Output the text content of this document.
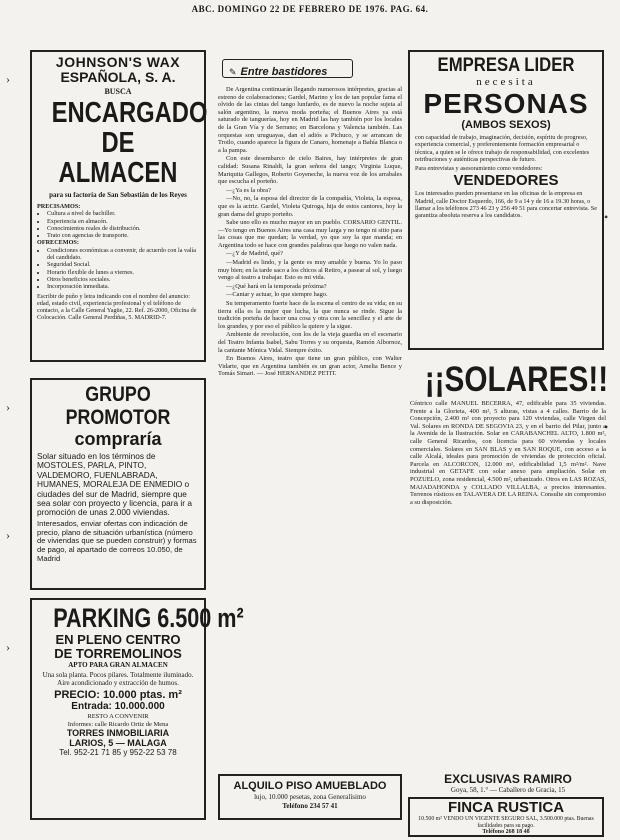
ABC. DOMINGO 22 DE FEBRERO DE 1976. PAG. 64.
›
›
›
›
JOHNSON'S WAX
ESPAÑOLA, S. A.
BUSCA
ENCARGADO
DE ALMACEN
para su factoría de San Sebastián de los Reyes
PRECISAMOS:
• Cultura a nivel de bachiller.
• Experiencia en almacén.
• Conocimientos reales de distribución.
• Trato con agencias de transporte.
OFRECEMOS:
• Condiciones económicas a convenir, de acuerdo con la valía del candidato.
• Seguridad Social.
• Horario flexible de lunes a viernes.
• Otros beneficios sociales.
• Incorporación inmediata.

Escribir de puño y letra indicando con el nombre del anuncio: edad, estado civil, experiencia profesional y el teléfono de contacto, a la Calle General Yagüe, 22. Ref. 26-2000, Oficina de Colocación. Calle General Perdiñas, 5. MADRID-7.

GRUPO PROMOTOR
compraría

Solar situado en los términos de MOSTOLES, PARLA, PINTO, VALDEMORO, FUENLABRADA, HUMANES, MORALEJA DE ENMEDIO o ciudades del sur de Madrid, siempre que sea solar con proyecto y licencia, para ir a promoción de unas 2.000 viviendas.

Interesados, enviar ofertas con indicación de precio, plano de situación urbanística (número de viviendas que se pueden construir) y formas de pago, al apartado de correos 10.050, de Madrid

PARKING 6.500 m²
EN PLENO CENTRO
DE TORREMOLINOS
APTO PARA GRAN ALMACEN

Una sola planta. Pocos pilares. Totalmente iluminado. Aire acondicionado y extracción de humos.

PRECIO: 10.000 ptas. m²
Entrada: 10.000.000
RESTO A CONVENIR
Informes: calle Ricardo Ortiz de Mena
TORRES INMOBILIARIA
LARIOS, 5 — MALAGA
Tel. 952-21 71 85 y 952-22 53 78
✎ Entre bastidores

De Argentina continuarán llegando numerosos intérpretes, gracias al estreno de colaboraciones; Gardel, Marino y los de tan popular fama el olvido de las cintas del tango lunfardo, es de nuevo la noche sujeta al salón argentino, la nueva moda porteña; el Buenos Aires ya está saturado de tanguerías, hoy en Madrid las hay también por los locales de la Gran Vía y de Serrano; en Barcelona y Valencia también. Las orquestas son uruguayas, dan el adiós a Pichuco, y se arrancan de Troilo, cuando aparece la figura de Canaro, homenaje a Bahía Blanca o a la pampa.

Con este desembarco de cielo Baires, hay intérpretes de gran calidad: Susana Rinaldi, la gran señora del tango; Virginia Luque, Mariquita Gallegos, Roberto Goyeneche, la nueva voz de los arrabales que escucha el porteño.

—¿Ya es la obra?

—No, no, la esposa del director de la compañía, Violeta, la esposa, que es la actriz. Gardel, Violeta Quiroga, hija de estos cantores, hoy la gran dama del grupo porteño.

Sabe uno ello es mucho mayor en un pueblo. CORSARIO GENTIL. —Yo tengo en Buenos Aires una casa muy larga y no tengo ni sitio para las cosas que me quedan; la verdad, yo que soy la que manda; en Argentina todo se hace con grandes palabras que luego no valen nada.

—¿Y de Madrid, qué?

—Madrid es lindo, y la gente es muy amable y buena. Yo lo paso muy bien; en la tarde saco a los chicos al Retiro, a pasear al sol, y luego vengo al teatro a trabajar. Esto es mi vida.

—¿Qué hará en la temporada próxima?

—Cantar y actuar, lo que siempre hago.

Su temperamento fuerte hace de la escena el centro de su vida; en su tierra ella es la mujer que lucha, la que nunca se rinde. Sigue la tradición porteña de hacer una cosa y otra con la sencillez y el arte de los grandes, y por eso el público la quiere y la sigue.

Ambiente de revolución, con los de la vieja guardia en el escenario del Teatro Infanta Isabel, Sabu Torres y su orquesta, Ramón Albornoz, la cantante Mónica Vidal. Siempre éxito.

En Buenos Aires, teatro que tiene un gran público, con Walter Vidarte, que en Argentina también es un gran actor, Amelia Bence y Tomás Simari. — José HERNANDEZ PETIT.

ALQUILO PISO AMUEBLADO
lujo, 10.000 pesetas, zona Generalísimo
Teléfono 234 57 41
EMPRESA LIDER
necesita
PERSONAS
(AMBOS SEXOS)

con capacidad de trabajo, imaginación, decisión, espíritu de progreso, experiencia comercial, y preferentemente formación empresarial o técnica, a quien se le ofrece trabajo de responsabilidad, con excelentes retribuciones y auténticas perspectivas de futuro.

Para entrevistas y asesoramiento como vendedores:

VENDEDORES

Los interesados pueden presentarse en las oficinas de la empresa en Madrid, calle Doctor Esquerdo, 166, de 9 a 14 y de 16 a 19.30 horas, o llamar a los teléfonos 273 46 23 y 256 49 51 para concertar entrevista. Se garantiza absoluta reserva a los candidatos.	•
•
¡¡SOLARES!!

Céntrico calle MANUEL BECERRA, 47, edificable para 35 viviendas. Frente a la Glorieta, 400 m², 5 alturas, vistas a 4 calles. Barrio de la Concepción, 2.400 m² con proyecto para 120 viviendas, calle Virgen del Val. Solares en RONDA DE SEGOVIA 23, y en el barrio del Pilar, junto a la Avenida de la Ilustración. Solar en CARABANCHEL ALTO, 1.800 m², calle General Ricardos, con licencia para 60 viviendas y locales comerciales. Solares en SAN BLAS y en SAN ROQUE, con acceso a la calle Alcalá, ideales para promoción de viviendas de protección oficial. Parcela en ALCORCON, 12.000 m², edificabilidad 1,5 m²/m². Nave industrial en GETAFE con solar anexo para ampliación. Solar en POZUELO, zona residencial, 4.500 m², urbanizado. Otros en LAS ROZAS, MAJADAHONDA y COLLADO VILLALBA, a precios interesantes. Terrenos rústicos en TALAVERA DE LA REINA. Consulte sin compromiso a su disposición.

EXCLUSIVAS RAMIRO
Goya, 58, 1.° — Caballero de Gracia, 15
FINCA RUSTICA
10.500 m² VENDO UN VIGENTE SEGURO SAL, 3.500.000 ptas. Buenas facilidades para su pago.
Teléfono 268 18 48
